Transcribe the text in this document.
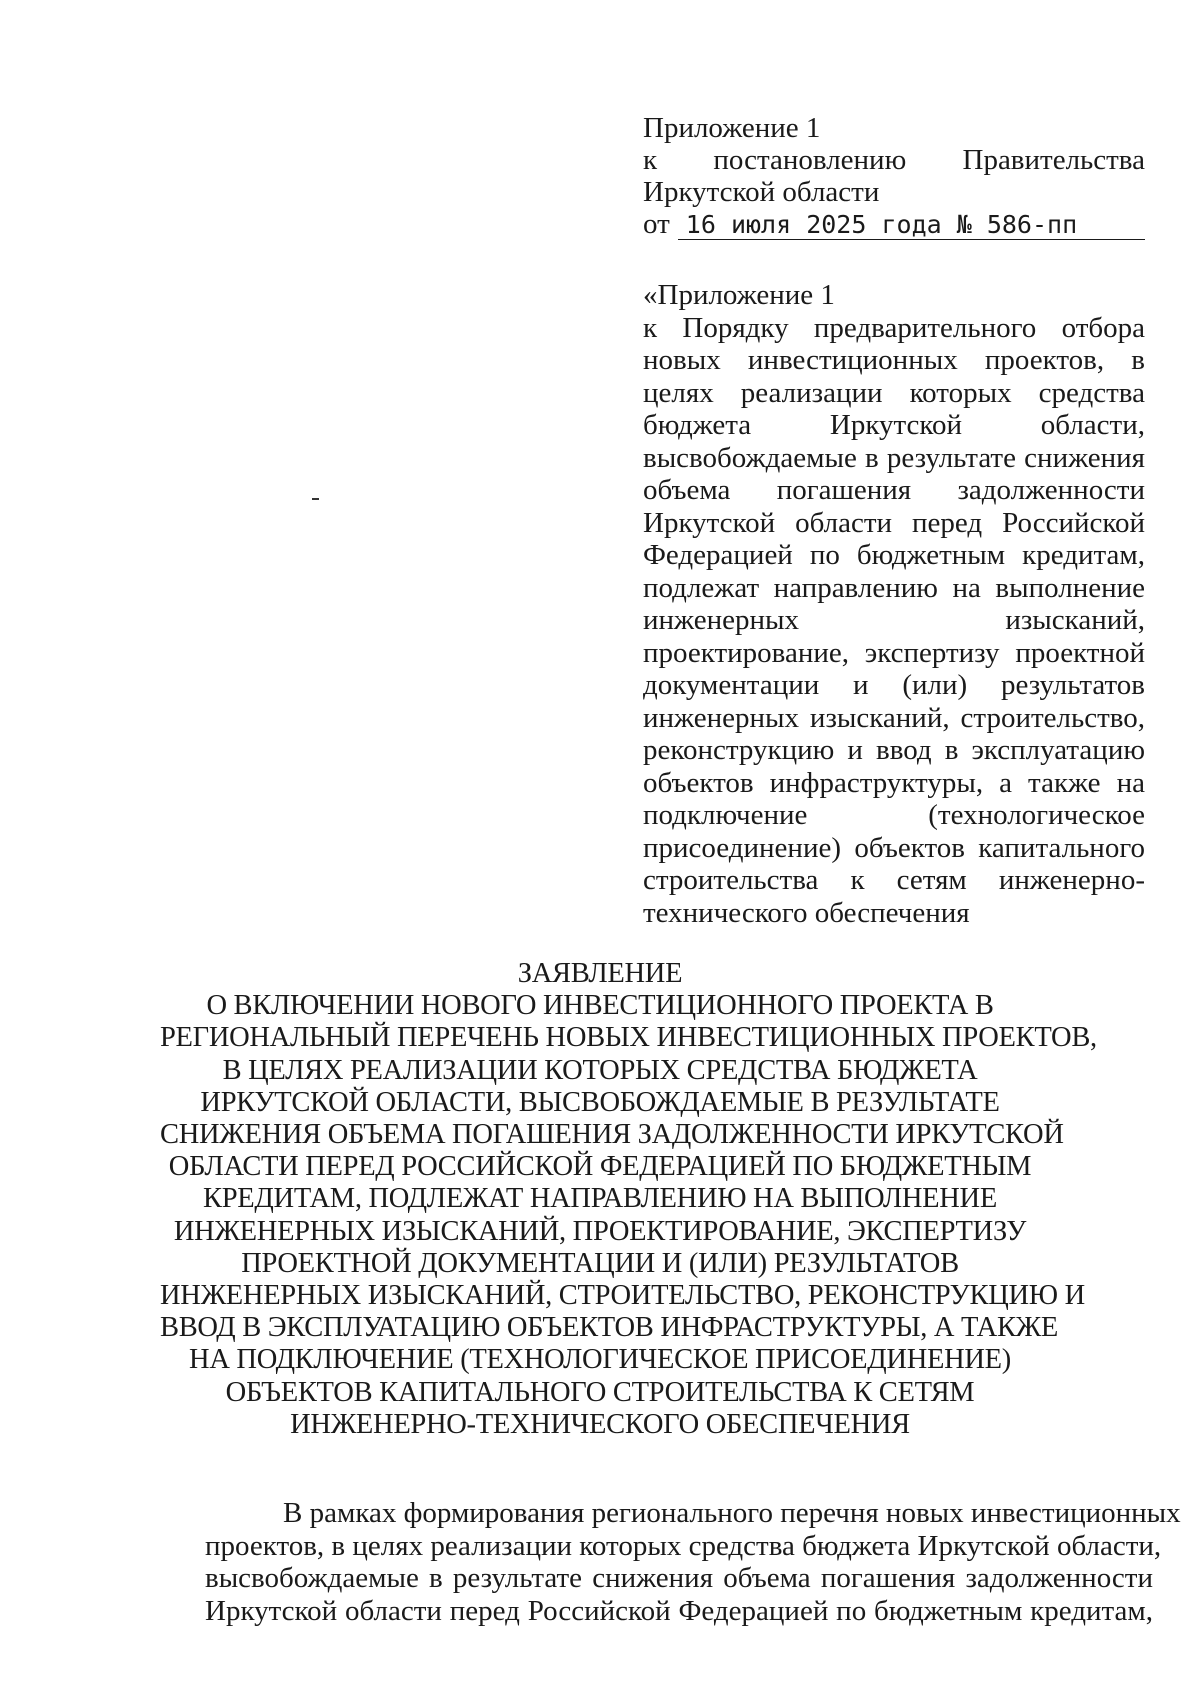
Приложение 1
к постановлению Правительства
Иркутской области
от 16 июля 2025 года № 586-пп
«Приложение 1
к Порядку предварительного отбора новых инвестиционных проектов, в целях реализации которых средства бюджета Иркутской области, высвобождаемые в результате снижения объема погашения задолженности Иркутской области перед Российской Федерацией по бюджетным кредитам, подлежат направлению на выполнение инженерных изысканий, проектирование, экспертизу проектной документации и (или) результатов инженерных изысканий, строительство, реконструкцию и ввод в эксплуатацию объектов инфраструктуры, а также на подключение (технологическое присоединение) объектов капитального строительства к сетям инженерно-технического обеспечения
ЗАЯВЛЕНИЕ
О ВКЛЮЧЕНИИ НОВОГО ИНВЕСТИЦИОННОГО ПРОЕКТА В
РЕГИОНАЛЬНЫЙ ПЕРЕЧЕНЬ НОВЫХ ИНВЕСТИЦИОННЫХ ПРОЕКТОВ,
В ЦЕЛЯХ РЕАЛИЗАЦИИ КОТОРЫХ СРЕДСТВА БЮДЖЕТА
ИРКУТСКОЙ ОБЛАСТИ, ВЫСВОБОЖДАЕМЫЕ В РЕЗУЛЬТАТЕ
СНИЖЕНИЯ ОБЪЕМА ПОГАШЕНИЯ ЗАДОЛЖЕННОСТИ ИРКУТСКОЙ
ОБЛАСТИ ПЕРЕД РОССИЙСКОЙ ФЕДЕРАЦИЕЙ ПО БЮДЖЕТНЫМ
КРЕДИТАМ, ПОДЛЕЖАТ НАПРАВЛЕНИЮ НА ВЫПОЛНЕНИЕ
ИНЖЕНЕРНЫХ ИЗЫСКАНИЙ, ПРОЕКТИРОВАНИЕ, ЭКСПЕРТИЗУ
ПРОЕКТНОЙ ДОКУМЕНТАЦИИ И (ИЛИ) РЕЗУЛЬТАТОВ
ИНЖЕНЕРНЫХ ИЗЫСКАНИЙ, СТРОИТЕЛЬСТВО, РЕКОНСТРУКЦИЮ И
ВВОД В ЭКСПЛУАТАЦИЮ ОБЪЕКТОВ ИНФРАСТРУКТУРЫ, А ТАКЖЕ
НА ПОДКЛЮЧЕНИЕ (ТЕХНОЛОГИЧЕСКОЕ ПРИСОЕДИНЕНИЕ)
ОБЪЕКТОВ КАПИТАЛЬНОГО СТРОИТЕЛЬСТВА К СЕТЯМ
ИНЖЕНЕРНО-ТЕХНИЧЕСКОГО ОБЕСПЕЧЕНИЯ
В рамках формирования регионального перечня новых инвестиционных
проектов, в целях реализации которых средства бюджета Иркутской области,
высвобождаемые в результате снижения объема погашения задолженности
Иркутской области перед Российской Федерацией по бюджетным кредитам,
